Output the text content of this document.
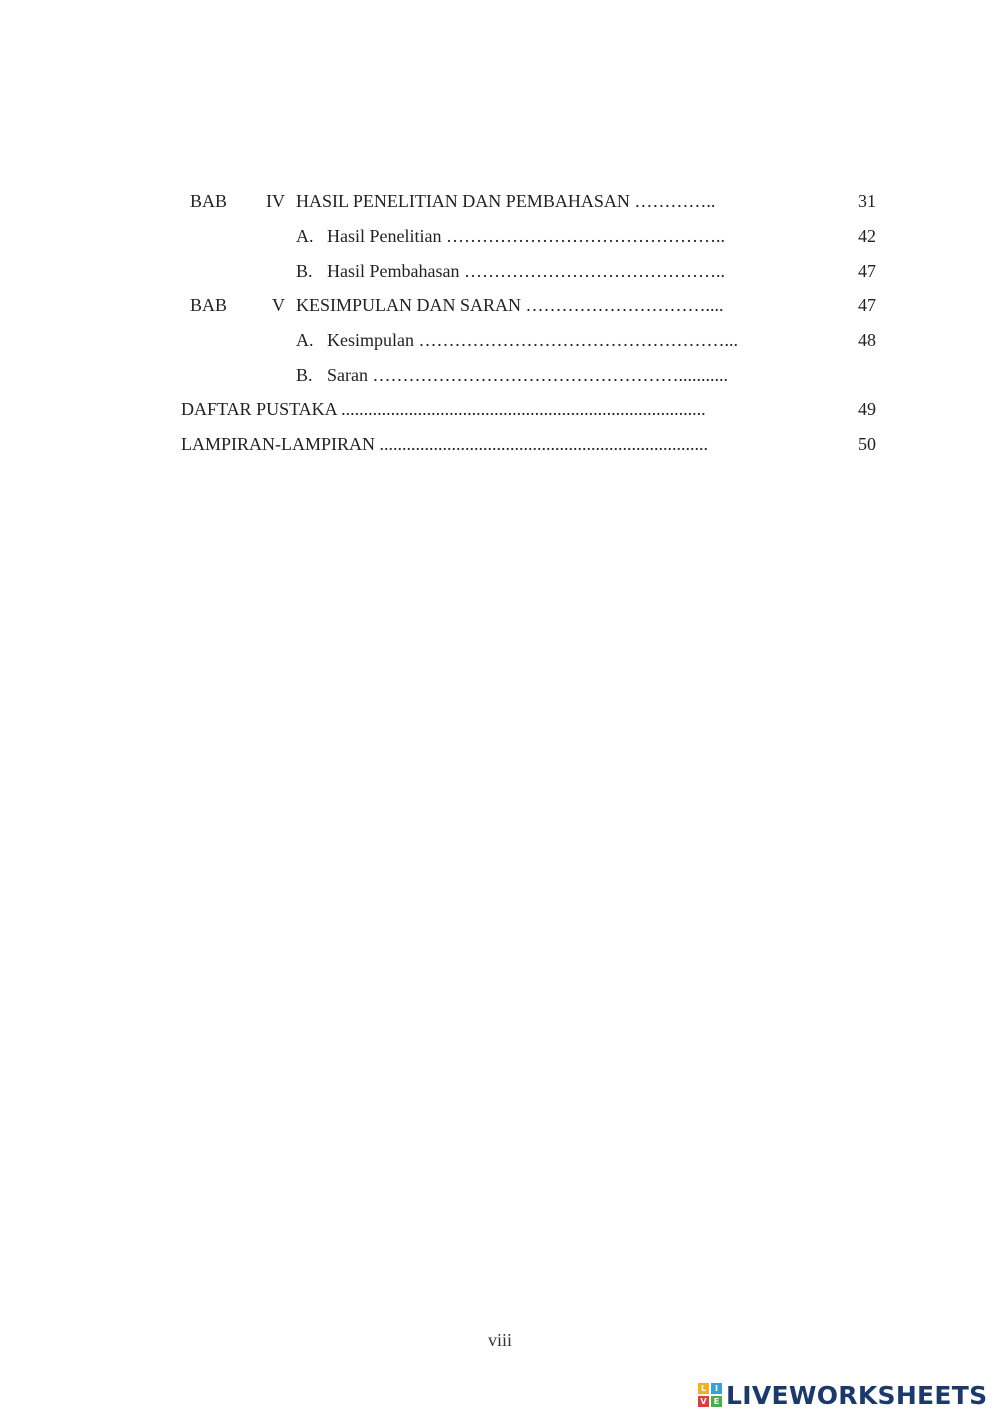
BAB	IV HASIL PENELITIAN DAN PEMBAHASAN …………..	31
A. Hasil Penelitian ………………………………………..	42
B. Hasil Pembahasan ……………………………………..	47
BAB	V KESIMPULAN DAN SARAN …………………………....	47
A. Kesimpulan ……………………………………………...	48
B. Saran ……………………………………………...........
DAFTAR PUSTAKA .................................................................................	49
LAMPIRAN-LAMPIRAN .........................................................................	50
viii
L	I
V E LIVEWORKSHEETS
